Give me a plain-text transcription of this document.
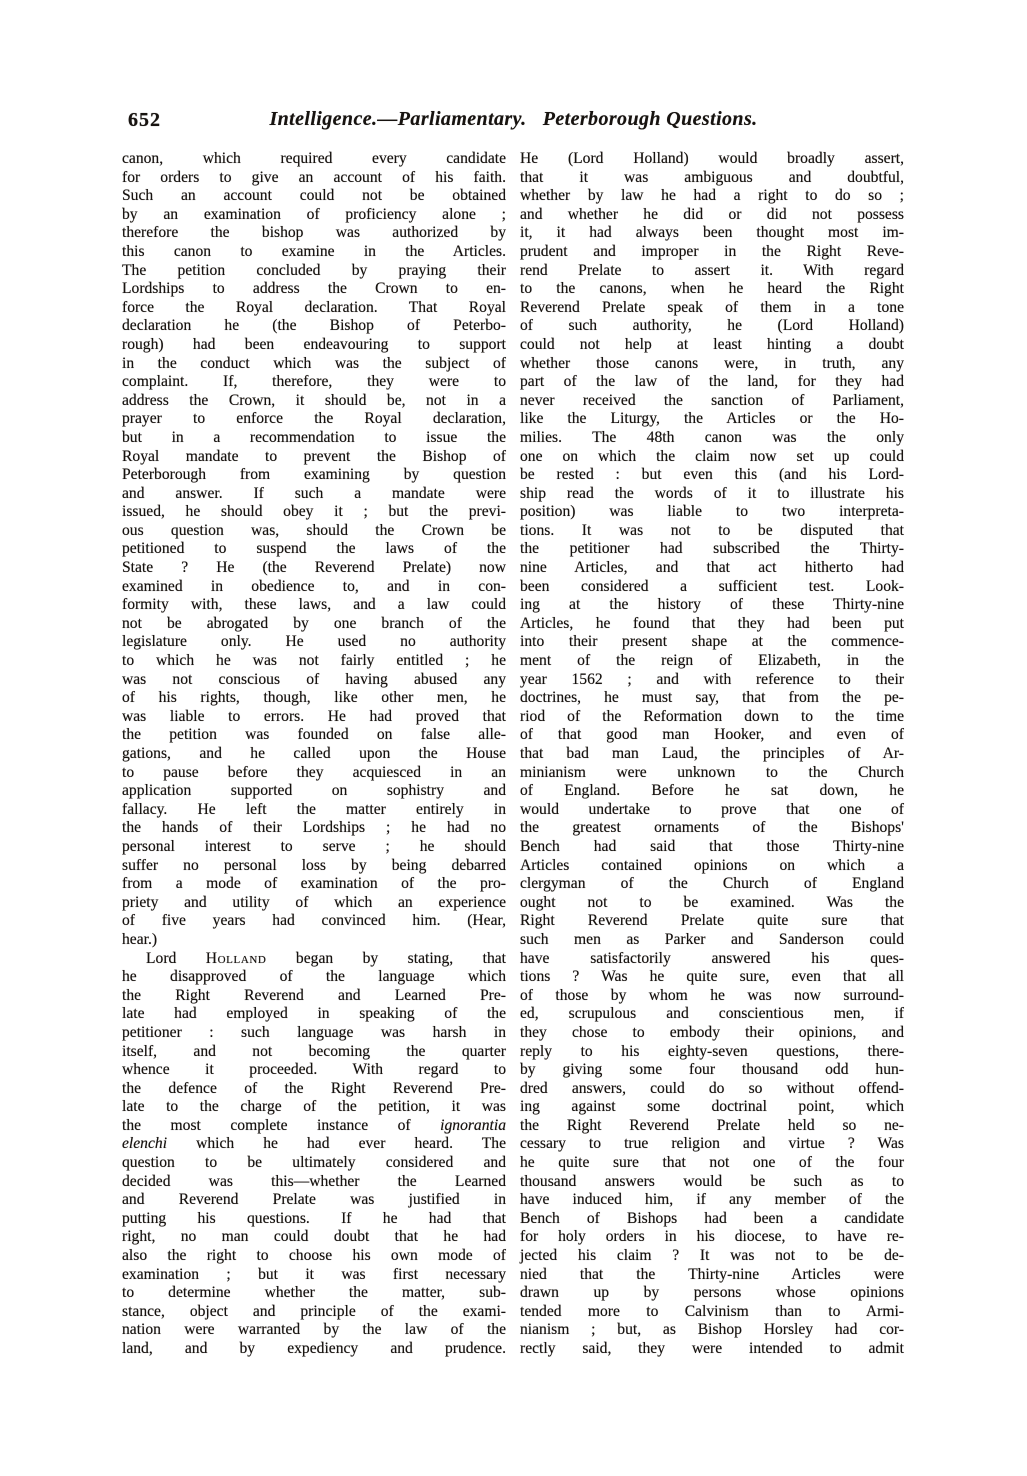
652	Intelligence.—Parliamentary.   Peterborough Questions.
canon, which required every candidate
for orders to give an account of his faith.
Such an account could not be obtained
by an examination of proficiency alone ;
therefore the bishop was authorized by
this canon to examine in the Articles.
The petition concluded by praying their
Lordships to address the Crown to en-
force the Royal declaration. That Royal
declaration he (the Bishop of Peterbo-
rough) had been endeavouring to support
in the conduct which was the subject of
complaint. If, therefore, they were to
address the Crown, it should be, not in a
prayer to enforce the Royal declaration,
but in a recommendation to issue the
Royal mandate to prevent the Bishop of
Peterborough from examining by question
and answer. If such a mandate were
issued, he should obey it ; but the previ-
ous question was, should the Crown be
petitioned to suspend the laws of the
State ? He (the Reverend Prelate) now
examined in obedience to, and in con-
formity with, these laws, and a law could
not be abrogated by one branch of the
legislature only. He used no authority
to which he was not fairly entitled ; he
was not conscious of having abused any
of his rights, though, like other men, he
was liable to errors. He had proved that
the petition was founded on false alle-
gations, and he called upon the House
to pause before they acquiesced in an
application supported on sophistry and
fallacy. He left the matter entirely in
the hands of their Lordships ; he had no
personal interest to serve ; he should
suffer no personal loss by being debarred
from a mode of examination of the pro-
priety and utility of which an experience
of five years had convinced him. (Hear,
hear.)
Lord Holland began by stating, that
he disapproved of the language which
the Right Reverend and Learned Pre-
late had employed in speaking of the
petitioner : such language was harsh in
itself, and not becoming the quarter
whence it proceeded. With regard to
the defence of the Right Reverend Pre-
late to the charge of the petition, it was
the most complete instance of ignorantia
elenchi which he had ever heard. The
question to be ultimately considered and
decided was this—whether the Learned
and Reverend Prelate was justified in
putting his questions. If he had that
right, no man could doubt that he had
also the right to choose his own mode of
examination ; but it was first necessary
to determine whether the matter, sub-
stance, object and principle of the exami-
nation were warranted by the law of the
land, and by expediency and prudence.
He (Lord Holland) would broadly assert,
that it was ambiguous and doubtful,
whether by law he had a right to do so ;
and whether he did or did not possess
it, it had always been thought most im-
prudent and improper in the Right Reve-
rend Prelate to assert it. With regard
to the canons, when he heard the Right
Reverend Prelate speak of them in a tone
of such authority, he (Lord Holland)
could not help at least hinting a doubt
whether those canons were, in truth, any
part of the law of the land, for they had
never received the sanction of Parliament,
like the Liturgy, the Articles or the Ho-
milies. The 48th canon was the only
one on which the claim now set up could
be rested : but even this (and his Lord-
ship read the words of it to illustrate his
position) was liable to two interpreta-
tions. It was not to be disputed that
the petitioner had subscribed the Thirty-
nine Articles, and that act hitherto had
been considered a sufficient test. Look-
ing at the history of these Thirty-nine
Articles, he found that they had been put
into their present shape at the commence-
ment of the reign of Elizabeth, in the
year 1562 ; and with reference to their
doctrines, he must say, that from the pe-
riod of the Reformation down to the time
of that good man Hooker, and even of
that bad man Laud, the principles of Ar-
minianism were unknown to the Church
of England. Before he sat down, he
would undertake to prove that one of
the greatest ornaments of the Bishops'
Bench had said that those Thirty-nine
Articles contained opinions on which a
clergyman of the Church of England
ought not to be examined. Was the
Right Reverend Prelate quite sure that
such men as Parker and Sanderson could
have satisfactorily answered his ques-
tions ? Was he quite sure, even that all
of those by whom he was now surround-
ed, scrupulous and conscientious men, if
they chose to embody their opinions, and
reply to his eighty-seven questions, there-
by giving some four thousand odd hun-
dred answers, could do so without offend-
ing against some doctrinal point, which
the Right Reverend Prelate held so ne-
cessary to true religion and virtue ? Was
he quite sure that not one of the four
thousand answers would be such as to
have induced him, if any member of the
Bench of Bishops had been a candidate
for holy orders in his diocese, to have re-
jected his claim ? It was not to be de-
nied that the Thirty-nine Articles were
drawn up by persons whose opinions
tended more to Calvinism than to Armi-
nianism ; but, as Bishop Horsley had cor-
rectly said, they were intended to admit
